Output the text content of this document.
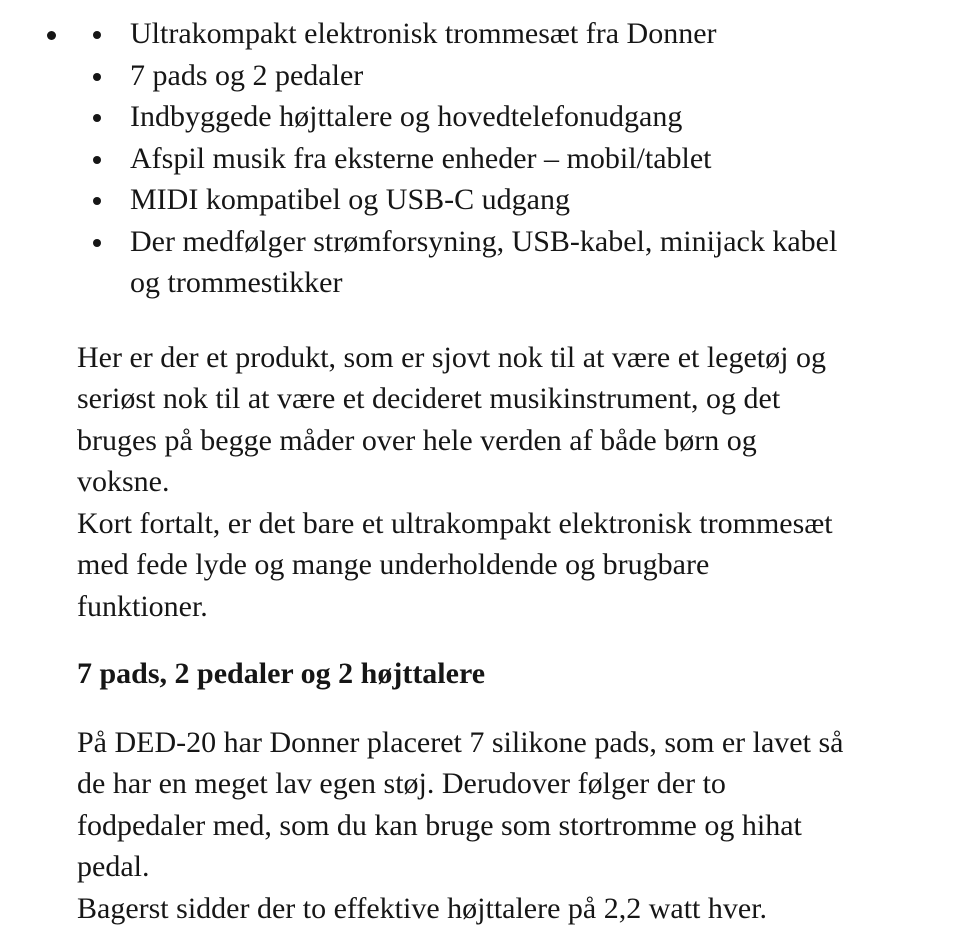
Ultrakompakt elektronisk trommesæt fra Donner
7 pads og 2 pedaler
Indbyggede højttalere og hovedtelefonudgang
Afspil musik fra eksterne enheder – mobil/tablet
MIDI kompatibel og USB-C udgang
Der medfølger strømforsyning, USB-kabel, minijack kabel
og trommestikker
Her er der et produkt, som er sjovt nok til at være et legetøj og
seriøst nok til at være et decideret musikinstrument, og det
bruges på begge måder over hele verden af både børn og
voksne.
Kort fortalt, er det bare et ultrakompakt elektronisk trommesæt
med fede lyde og mange underholdende og brugbare
funktioner.
7 pads, 2 pedaler og 2 højttalere
På DED-20 har Donner placeret 7 silikone pads, som er lavet så
de har en meget lav egen støj. Derudover følger der to
fodpedaler med, som du kan bruge som stortromme og hihat
pedal.
Bagerst sidder der to effektive højttalere på 2,2 watt hver.
